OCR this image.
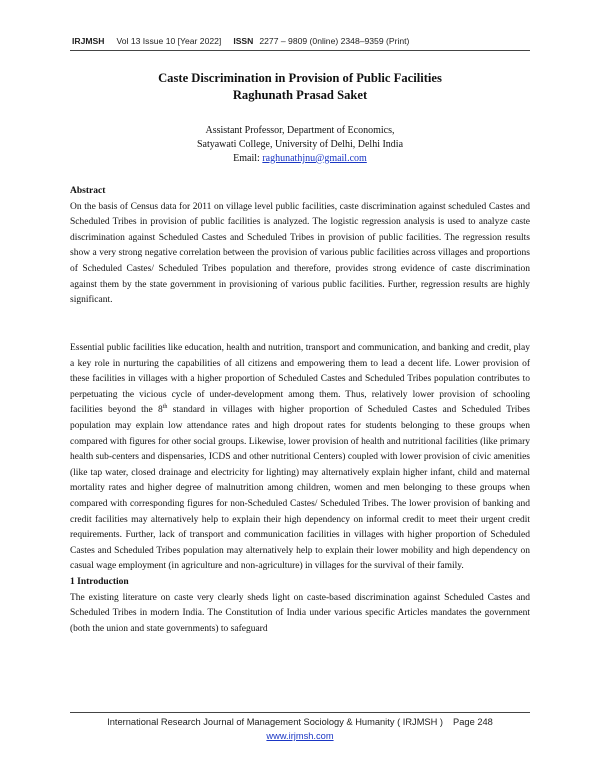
IRJMSH Vol 13 Issue 10 [Year 2022] ISSN 2277 – 9809 (0nline) 2348–9359 (Print)
Caste Discrimination in Provision of Public Facilities
Raghunath Prasad Saket
Assistant Professor, Department of Economics,
Satyawati College, University of Delhi, Delhi India
Email: raghunathjnu@gmail.com
Abstract
On the basis of Census data for 2011 on village level public facilities, caste discrimination against scheduled Castes and Scheduled Tribes in provision of public facilities is analyzed. The logistic regression analysis is used to analyze caste discrimination against Scheduled Castes and Scheduled Tribes in provision of public facilities. The regression results show a very strong negative correlation between the provision of various public facilities across villages and proportions of Scheduled Castes/ Scheduled Tribes population and therefore, provides strong evidence of caste discrimination against them by the state government in provisioning of various public facilities. Further, regression results are highly significant.
Essential public facilities like education, health and nutrition, transport and communication, and banking and credit, play a key role in nurturing the capabilities of all citizens and empowering them to lead a decent life. Lower provision of these facilities in villages with a higher proportion of Scheduled Castes and Scheduled Tribes population contributes to perpetuating the vicious cycle of under-development among them. Thus, relatively lower provision of schooling facilities beyond the 8th standard in villages with higher proportion of Scheduled Castes and Scheduled Tribes population may explain low attendance rates and high dropout rates for students belonging to these groups when compared with figures for other social groups. Likewise, lower provision of health and nutritional facilities (like primary health sub-centers and dispensaries, ICDS and other nutritional Centers) coupled with lower provision of civic amenities (like tap water, closed drainage and electricity for lighting) may alternatively explain higher infant, child and maternal mortality rates and higher degree of malnutrition among children, women and men belonging to these groups when compared with corresponding figures for non-Scheduled Castes/ Scheduled Tribes. The lower provision of banking and credit facilities may alternatively help to explain their high dependency on informal credit to meet their urgent credit requirements. Further, lack of transport and communication facilities in villages with higher proportion of Scheduled Castes and Scheduled Tribes population may alternatively help to explain their lower mobility and high dependency on casual wage employment (in agriculture and non-agriculture) in villages for the survival of their family.
1 Introduction
The existing literature on caste very clearly sheds light on caste-based discrimination against Scheduled Castes and Scheduled Tribes in modern India. The Constitution of India under various specific Articles mandates the government (both the union and state governments) to safeguard
International Research Journal of Management Sociology & Humanity ( IRJMSH ) Page 248
www.irjmsh.com
